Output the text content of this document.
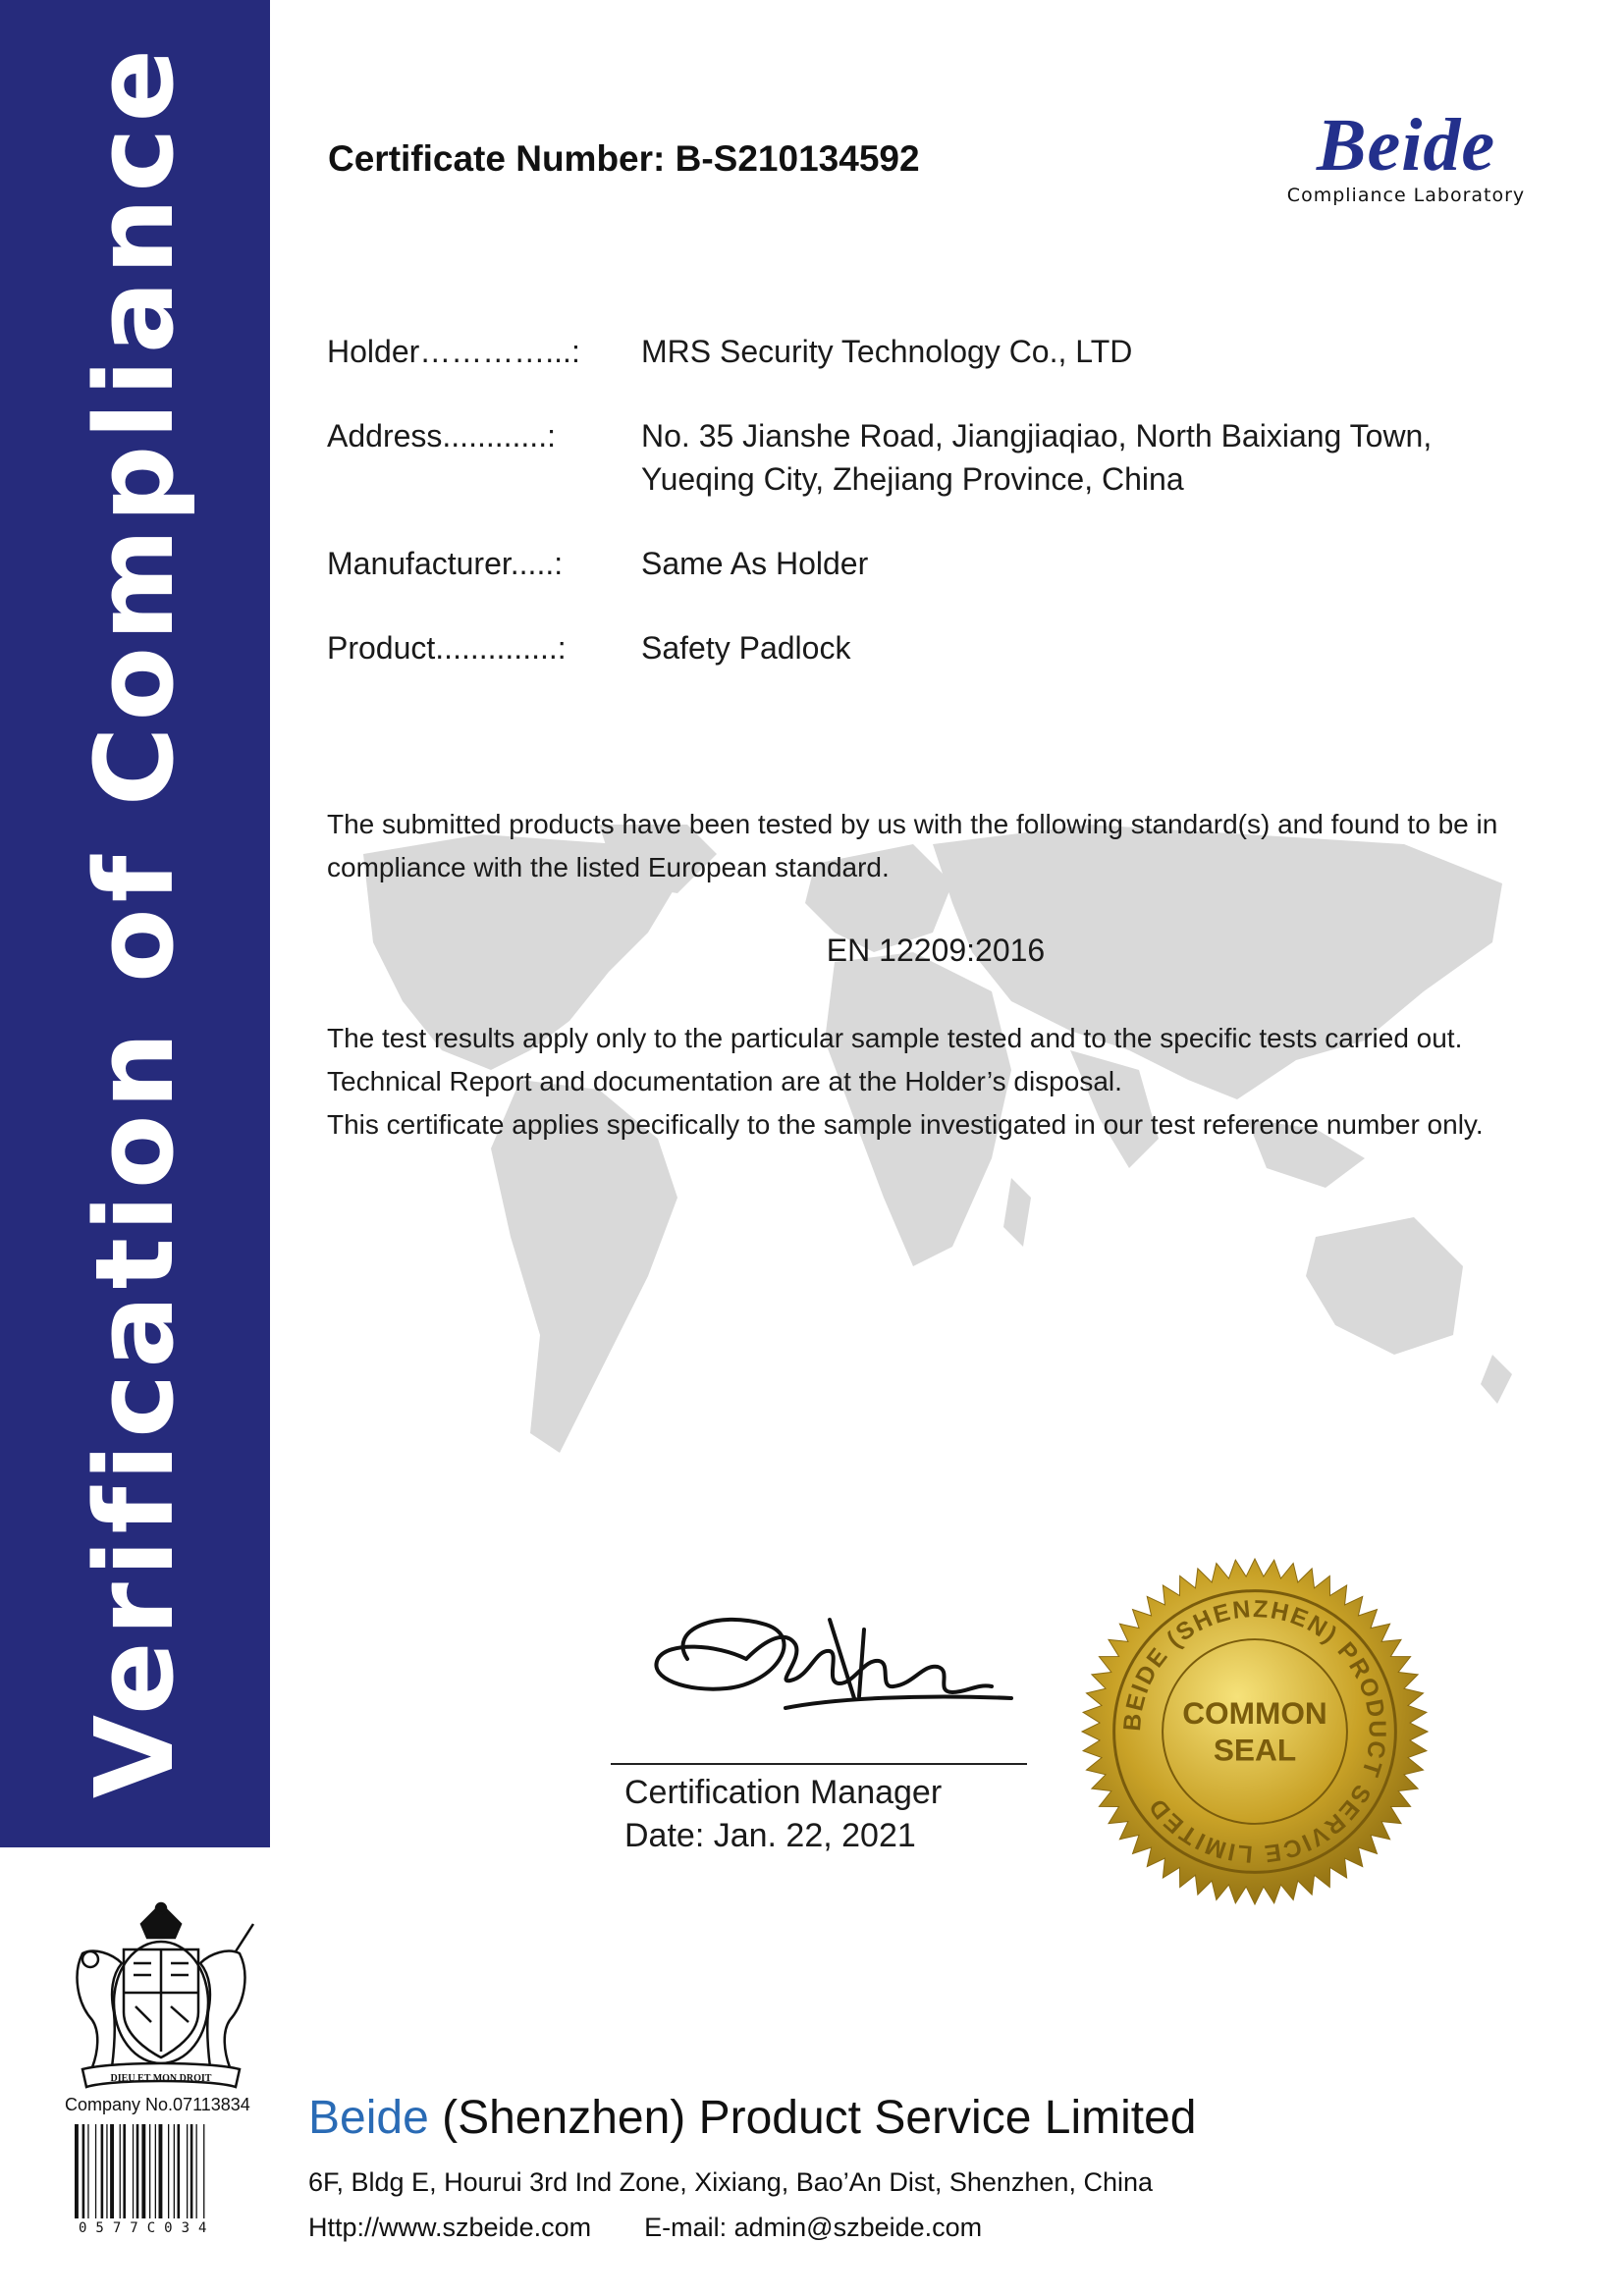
Verification of Compliance	Certificate Number: B-S210134592	Beide
Compliance Laboratory
Holder…………...:	MRS Security Technology Co., LTD
Address............:	No. 35 Jianshe Road, Jiangjiaqiao, North Baixiang Town,
Yueqing City, Zhejiang Province, China
Manufacturer.....:	Same As Holder
Product..............:	Safety Padlock
The submitted products have been tested by us with the following standard(s) and found to be in
compliance with the listed European standard.
EN 12209:2016
The test results apply only to the particular sample tested and to the specific tests carried out.
Technical Report and documentation are at the Holder’s disposal.
This certificate applies specifically to the sample investigated in our test reference number only.
Certification Manager
Date: Jan. 22, 2021
BEIDE (SHENZHEN) PRODUCT SERVICE LIMITED
COMMON
SEAL
DIEU ET MON DROIT
Company No.07113834
0577C034
Beide (Shenzhen) Product Service Limited
6F, Bldg E, Hourui 3rd Ind Zone, Xixiang, Bao’An Dist, Shenzhen, China
Http://www.szbeide.com E-mail: admin@szbeide.com
